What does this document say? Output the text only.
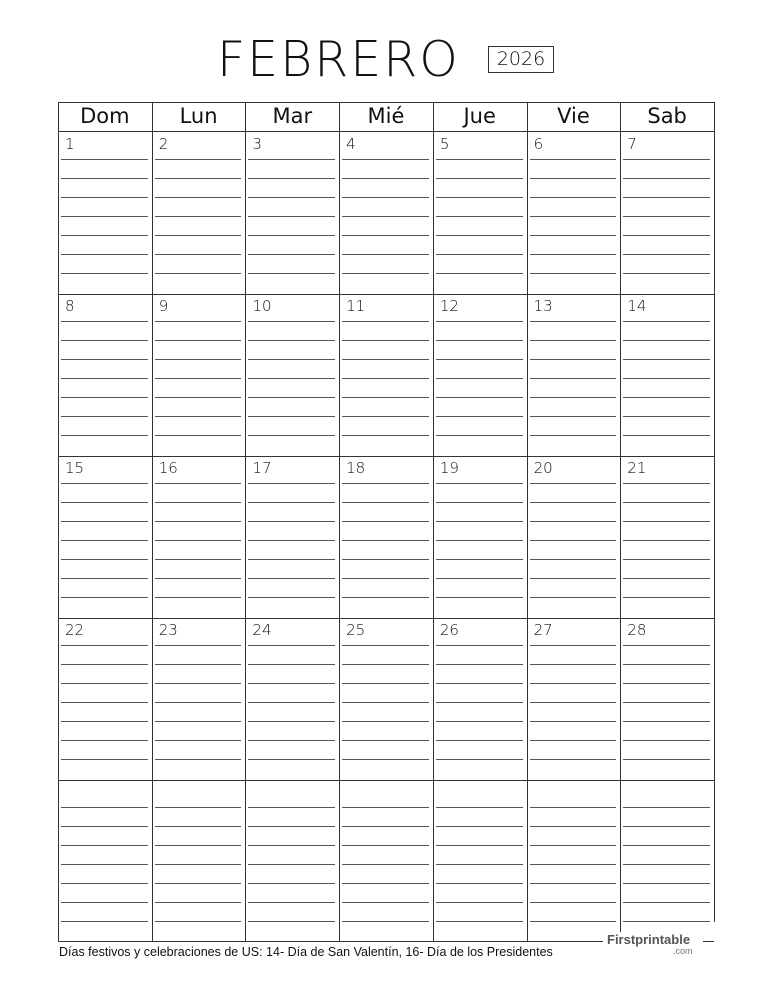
FEBRERO	2026
Dom	Lun	Mar	Mié	Jue	Vie	Sab
1	2	3	4	5	6	7
8	9	10	11	12	13	14
15	16	17	18	19	20	21
22	23	24	25	26	27	28
Días festivos y celebraciones de US: 14- Día de San Valentín, 16- Día de los Presidentes
Firstprintable
.com
